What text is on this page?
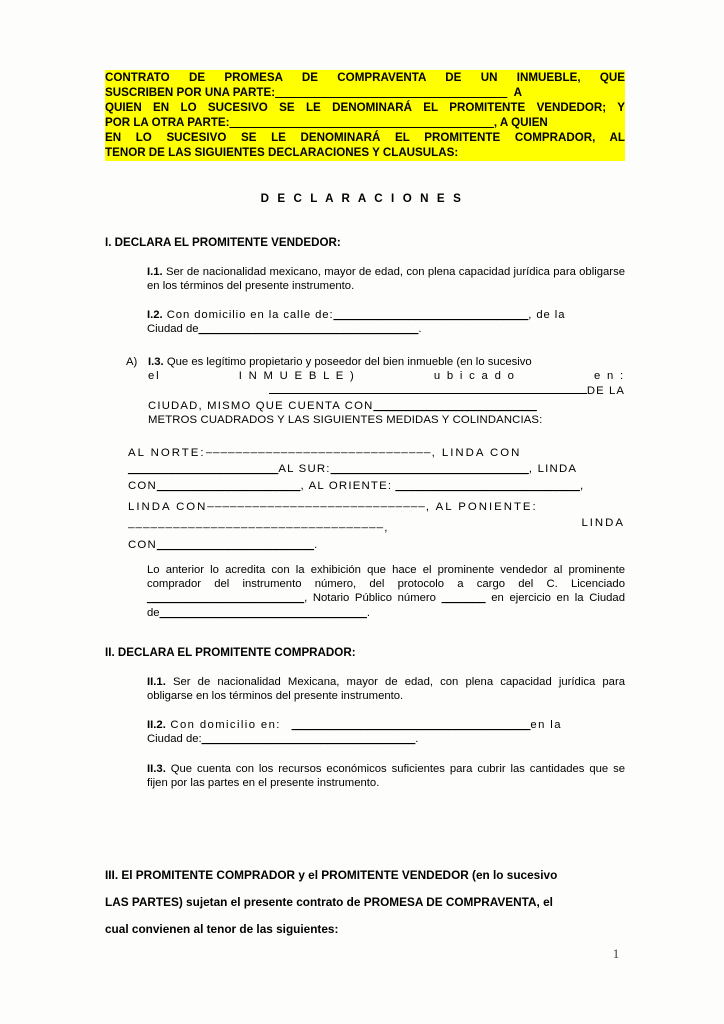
CONTRATO DE PROMESA DE COMPRAVENTA DE UN INMUEBLE, QUE
SUSCRIBEN POR UNA PARTE:____________________________________ A
QUIEN EN LO SUCESIVO SE LE DENOMINARÁ EL PROMITENTE VENDEDOR; Y
POR LA OTRA PARTE:_________________________________________, A QUIEN
EN LO SUCESIVO SE LE DENOMINARÁ EL PROMITENTE COMPRADOR, AL
TENOR DE LAS SIGUIENTES DECLARACIONES Y CLAUSULAS:
D E C L A R A C I O N E S
I. DECLARA EL PROMITENTE VENDEDOR:
I.1. Ser de nacionalidad mexicano, mayor de edad, con plena capacidad jurídica para obligarse en los términos del presente instrumento.
I.2. Con domicilio en la calle de:_______________________________, de la
Ciudad de___________________________________.
A) I.3. Que es legítimo propietario y poseedor del bien inmueble (en lo sucesivo
el	I N M U E B L E )	u b i c a d o	e n :
DE LA
CIUDAD, MISMO QUE CUENTA CON__________________________
METROS CUADRADOS Y LAS SIGUIENTES MEDIDAS Y COLINDANCIAS:
AL NORTE:______________________________, LINDA CON
______________________AL SUR:_____________________________, LINDA
CON_____________________, AL ORIENTE: ___________________________,
LINDA CON_____________________________, AL PONIENTE:
__________________________________,	LINDA
CON_______________________.
Lo anterior lo acredita con la exhibición que hace el prominente vendedor al prominente comprador del instrumento número, del protocolo a cargo del C. Licenciado _________________________, Notario Público número _______ en ejercicio en la Ciudad de_________________________________.
II. DECLARA EL PROMITENTE COMPRADOR:
II.1. Ser de nacionalidad Mexicana, mayor de edad, con plena capacidad jurídica para obligarse en los términos del presente instrumento.
II.2. Con domicilio en:   ______________________________________en la
Ciudad de:__________________________________.
II.3. Que cuenta con los recursos económicos suficientes para cubrir las cantidades que se fijen por las partes en el presente instrumento.
III. El PROMITENTE COMPRADOR y el PROMITENTE VENDEDOR (en lo sucesivo
LAS PARTES) sujetan el presente contrato de PROMESA DE COMPRAVENTA, el
cual convienen al tenor de las siguientes:
1
